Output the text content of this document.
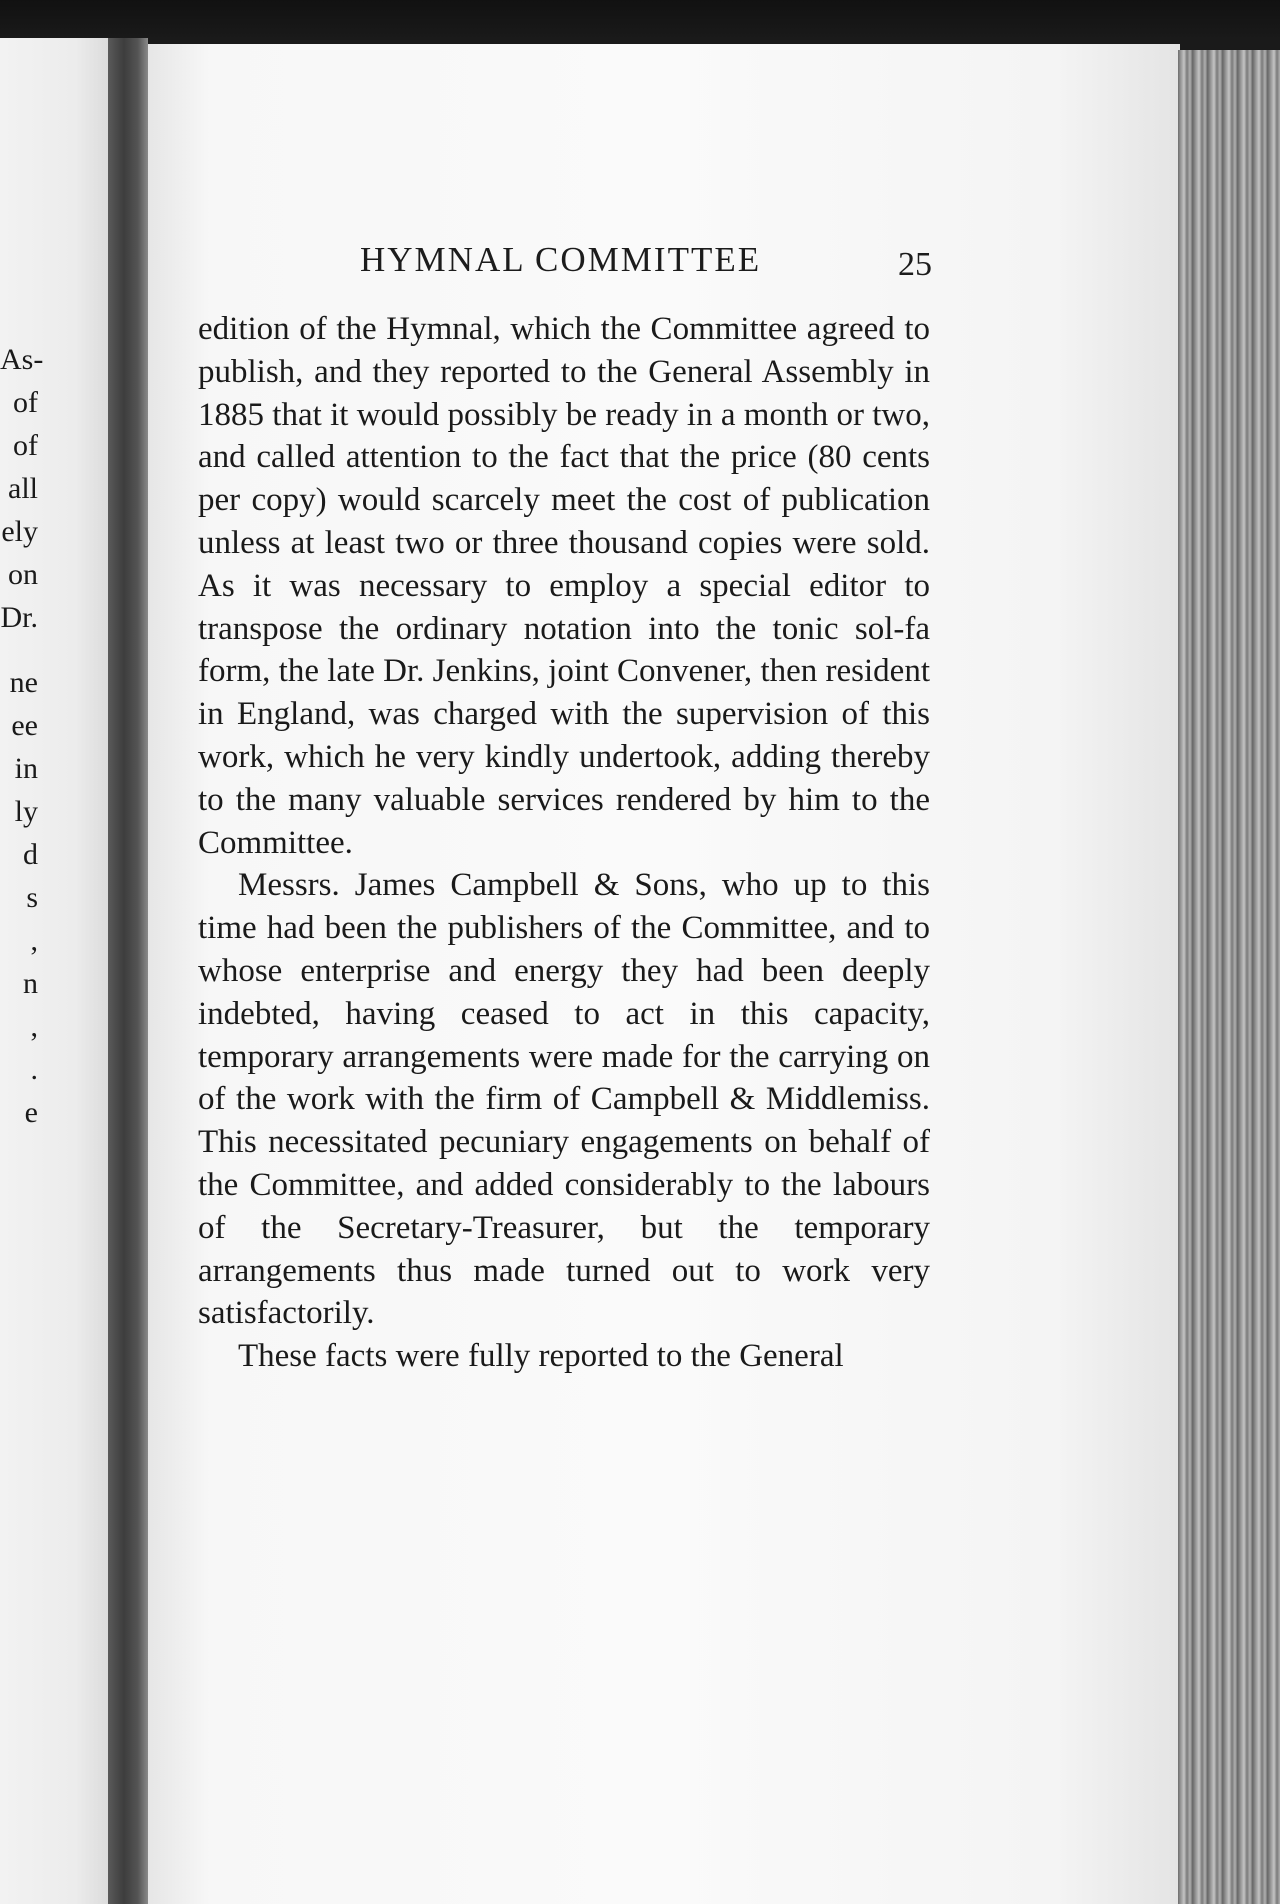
As-
of
of
all
ely
on
Dr.
ne
ee
in
ly
d
s
,
n
,
.
e
HYMNAL COMMITTEE	25

edition of the Hymnal, which the Committee agreed to publish, and they reported to the General Assembly in 1885 that it would possibly be ready in a month or two, and called attention to the fact that the price (80 cents per copy) would scarcely meet the cost of publication unless at least two or three thousand copies were sold. As it was necessary to employ a special editor to transpose the ordinary notation into the tonic sol-fa form, the late Dr. Jenkins, joint Convener, then resident in England, was charged with the supervision of this work, which he very kindly undertook, adding thereby to the many valuable services rendered by him to the Committee.

Messrs. James Campbell & Sons, who up to this time had been the publishers of the Committee, and to whose enterprise and energy they had been deeply indebted, having ceased to act in this capacity, temporary arrangements were made for the carrying on of the work with the firm of Campbell & Middlemiss. This necessitated pecuniary engagements on behalf of the Committee, and added considerably to the labours of the Secretary-Treasurer, but the temporary arrangements thus made turned out to work very satisfactorily.

These facts were fully reported to the General
